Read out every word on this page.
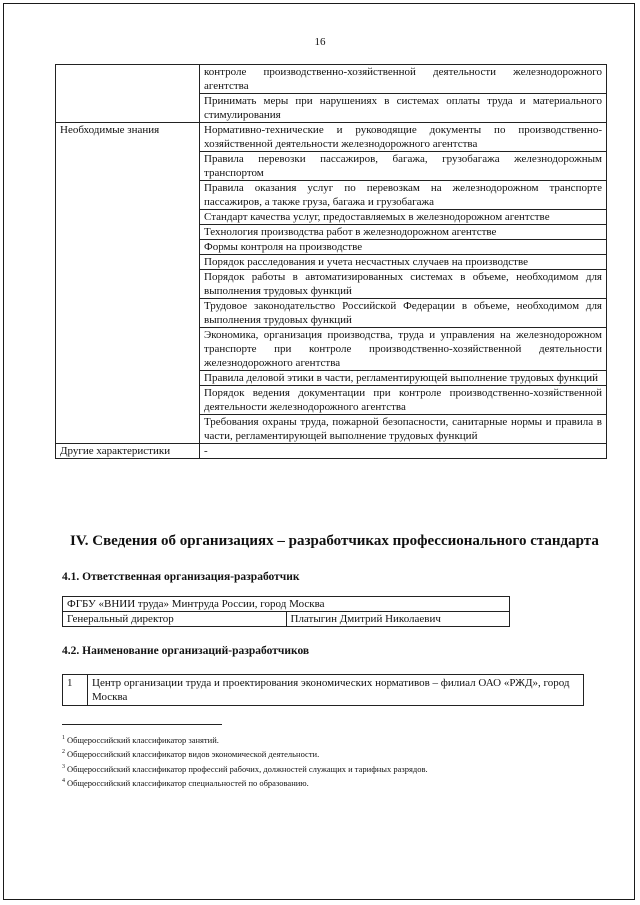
16
	контроле производственно-хозяйственной деятельности железнодорожного агентства
	Принимать меры при нарушениях в системах оплаты труда и материального стимулирования
Необходимые знания	Нормативно-технические и руководящие документы по производственно-хозяйственной деятельности железнодорожного агентства
	Правила перевозки пассажиров, багажа, грузобагажа железнодорожным транспортом
	Правила оказания услуг по перевозкам на железнодорожном транспорте пассажиров, а также груза, багажа и грузобагажа
	Стандарт качества услуг, предоставляемых в железнодорожном агентстве
	Технология производства работ в железнодорожном агентстве
	Формы контроля на производстве
	Порядок расследования и учета несчастных случаев на производстве
	Порядок работы в автоматизированных системах в объеме, необходимом для выполнения трудовых функций
	Трудовое законодательство Российской Федерации в объеме, необходимом для выполнения трудовых функций
	Экономика, организация производства, труда и управления на железнодорожном транспорте при контроле производственно-хозяйственной деятельности железнодорожного агентства
	Правила деловой этики в части, регламентирующей выполнение трудовых функций
	Порядок ведения документации при контроле производственно-хозяйственной деятельности железнодорожного агентства
	Требования охраны труда, пожарной безопасности, санитарные нормы и правила в части, регламентирующей выполнение трудовых функций
Другие характеристики	-
IV. Сведения об организациях – разработчиках профессионального стандарта
4.1. Ответственная организация-разработчик
ФГБУ «ВНИИ труда» Минтруда России, город Москва
Генеральный директор	Платыгин Дмитрий Николаевич
4.2. Наименование организаций-разработчиков
1	Центр организации труда и проектирования экономических нормативов – филиал ОАО «РЖД», город Москва
$^1$ Общероссийский классификатор занятий.
$^2$ Общероссийский классификатор видов экономической деятельности.
$^3$ Общероссийский классификатор профессий рабочих, должностей служащих и тарифных разрядов.
$^4$ Общероссийский классификатор специальностей по образованию.
